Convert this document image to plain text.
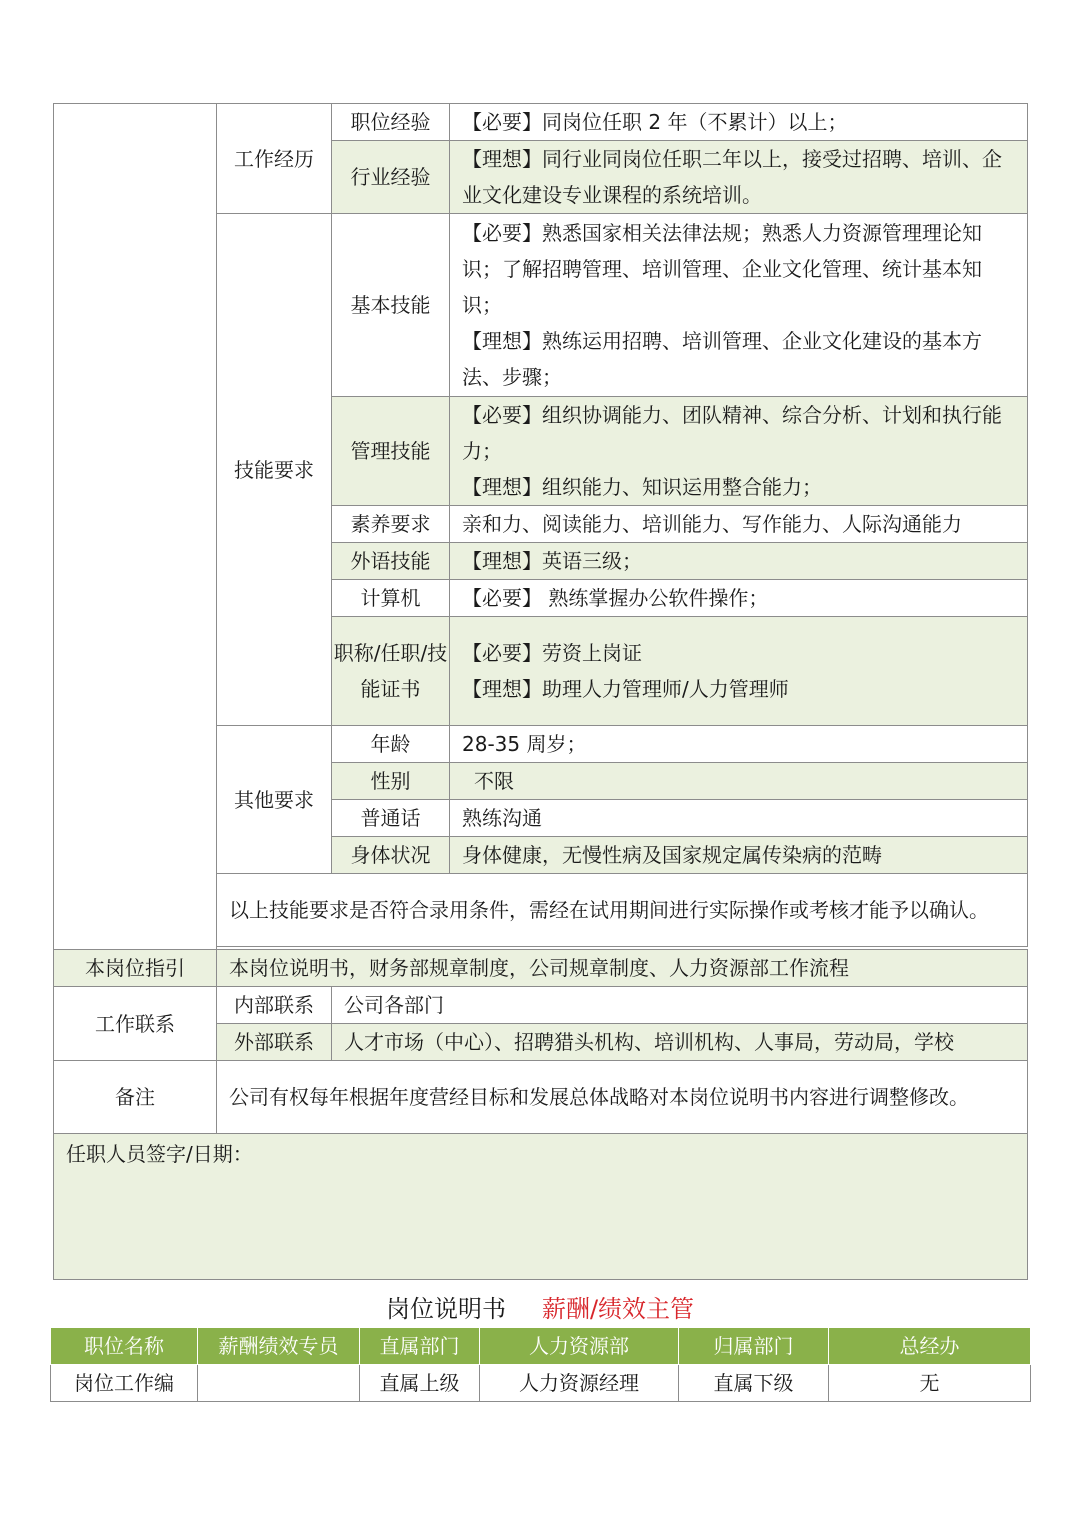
	工作经历	职位经验	【必要】同岗位任职 2 年（不累计）以上；
		行业经验	【理想】同行业同岗位任职二年以上，接受过招聘、培训、企业文化建设专业课程的系统培训。
	技能要求	基本技能	【必要】熟悉国家相关法律法规；熟悉人力资源管理理论知识；了解招聘管理、培训管理、企业文化管理、统计基本知识；
【理想】熟练运用招聘、培训管理、企业文化建设的基本方法、步骤；

		管理技能	【必要】组织协调能力、团队精神、综合分析、计划和执行能力；
【理想】组织能力、知识运用整合能力；

		素养要求	亲和力、阅读能力、培训能力、写作能力、人际沟通能力
		外语技能	【理想】英语三级；
		计算机	【必要】 熟练掌握办公软件操作；
		职称/任职/技能证书	【必要】劳资上岗证
【理想】助理人力管理师/人力管理师

	其他要求	年龄	28-35 周岁；
		性别	不限
		普通话	熟练沟通
		身体状况	身体健康，无慢性病及国家规定属传染病的范畴
	以上技能要求是否符合录用条件，需经在试用期间进行实际操作或考核才能予以确认。		

本岗位指引	本岗位说明书，财务部规章制度，公司规章制度、人力资源部工作流程	
工作联系	内部联系	公司各部门
	外部联系	人才市场（中心）、招聘猎头机构、培训机构、人事局，劳动局，学校
备注	公司有权每年根据年度营经目标和发展总体战略对本岗位说明书内容进行调整修改。	
任职人员签字/日期：		
岗位说明书 薪酬/绩效主管
职位名称	薪酬绩效专员	直属部门	人力资源部	归属部门	总经办
岗位工作编		直属上级	人力资源经理	直属下级	无
